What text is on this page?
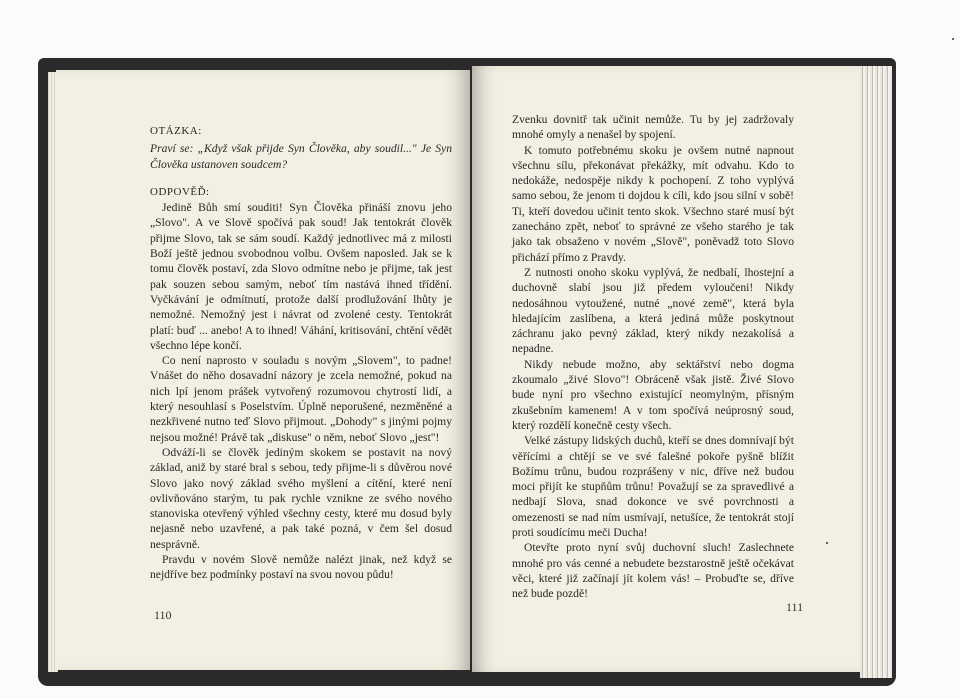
OTÁZKA:

Praví se: „Když však přijde Syn Člověka, aby soudil..." Je Syn Člověka ustanoven soudcem?

ODPOVĚĎ:

Jedině Bůh smí souditi! Syn Člověka přináší znovu jeho „Slovo". A ve Slově spočívá pak soud! Jak tentokrát člověk přijme Slovo, tak se sám soudí. Každý jednotlivec má z milosti Boží ještě jednou svobodnou volbu. Ovšem naposled. Jak se k tomu člověk postaví, zda Slovo odmítne nebo je přijme, tak jest pak souzen sebou samým, neboť tím nastává ihned třídění. Vyčkávání je odmítnutí, protože další prodlužování lhůty je nemožné. Nemožný jest i návrat od zvolené cesty. Tentokrát platí: buď ... anebo! A to ihned! Váhání, kritisování, chtění vědět všechno lépe končí.

Co není naprosto v souladu s novým „Slovem", to padne! Vnášet do něho dosavadní názory je zcela nemožné, pokud na nich lpí jenom prášek vytvořený rozumovou chytrostí lidí, a který nesouhlasí s Poselstvím. Úplně neporušené, nezměněné a nezkřivené nutno teď Slovo přijmout. „Dohody" s jinými pojmy nejsou možné! Právě tak „diskuse" o něm, neboť Slovo „jest"!

Odváží-li se člověk jediným skokem se postavit na nový základ, aniž by staré bral s sebou, tedy přijme-li s důvěrou nové Slovo jako nový základ svého myšlení a cítění, které není ovlivňováno starým, tu pak rychle vznikne ze svého nového stanoviska otevřený výhled všechny cesty, které mu dosud byly nejasně nebo uzavřené, a pak také pozná, v čem šel dosud nesprávně.

Pravdu v novém Slově nemůže nalézt jinak, než když se nejdříve bez podmínky postaví na svou novou půdu!

110

Zvenku dovnitř tak učinit nemůže. Tu by jej zadržovaly mnohé omyly a nenašel by spojení.

K tomuto potřebnému skoku je ovšem nutné napnout všechnu sílu, překonávat překážky, mít odvahu. Kdo to nedokáže, nedospěje nikdy k pochopení. Z toho vyplývá samo sebou, že jenom ti dojdou k cíli, kdo jsou silní v sobě! Ti, kteří dovedou učinit tento skok. Všechno staré musí být zanecháno zpět, neboť to správné ze všeho starého je tak jako tak obsaženo v novém „Slově", poněvadž toto Slovo přichází přímo z Pravdy.

Z nutnosti onoho skoku vyplývá, že nedbalí, lhostejní a duchovně slabí jsou již předem vyloučeni! Nikdy nedosáhnou vytoužené, nutné „nové země", která byla hledajícím zaslíbena, a která jediná může poskytnout záchranu jako pevný základ, který nikdy nezakolísá a nepadne.

Nikdy nebude možno, aby sektářství nebo dogma zkoumalo „živé Slovo"! Obráceně však jistě. Živé Slovo bude nyní pro všechno existující neomylným, přísným zkušebním kamenem! A v tom spočívá neúprosný soud, který rozdělí konečně cesty všech.

Velké zástupy lidských duchů, kteří se dnes domnívají být věřícími a chtějí se ve své falešné pokoře pyšně blížit Božímu trůnu, budou rozprášeny v nic, dříve než budou moci přijít ke stupňům trůnu! Považují se za spravedlivé a nedbají Slova, snad dokonce ve své povrchnosti a omezenosti se nad ním usmívají, netušíce, že tentokrát stojí proti soudícímu meči Ducha!

Otevřte proto nyní svůj duchovní sluch! Zaslechnete mnohé pro vás cenné a nebudete bezstarostně ještě očekávat věci, které již začínají jít kolem vás! – Probuďte se, dříve než bude pozdě!

111
